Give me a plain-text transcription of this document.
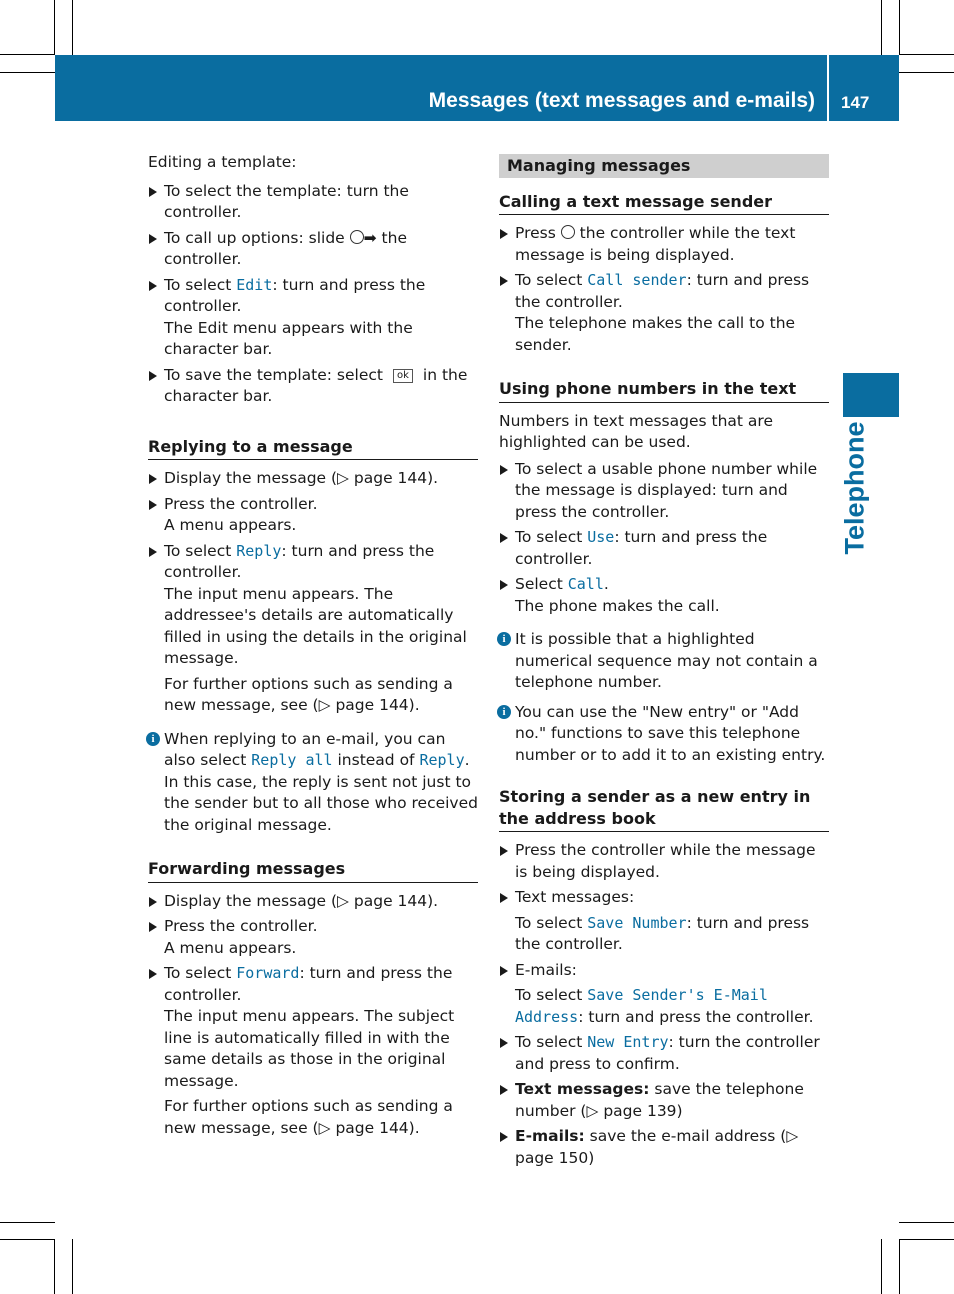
Messages (text messages and e-mails) 147
Telephone

Editing a template:

To select the template: turn the controller.
To call up options: slide ➡ the controller.
To select Edit: turn and press the controller.
The Edit menu appears with the character bar.
To save the template: select ok in the character bar.
Replying to a message
Display the message (▷ page 144).
Press the controller.
A menu appears.
To select Reply: turn and press the controller.
The input menu appears. The addressee's details are automatically filled in using the details in the original message.
For further options such as sending a new message, see (▷ page 144).
i When replying to an e-mail, you can also select Reply all instead of Reply. In this case, the reply is sent not just to the sender but to all those who received the original message.
Forwarding messages
Display the message (▷ page 144).
Press the controller.
A menu appears.
To select Forward: turn and press the controller.
The input menu appears. The subject line is automatically filled in with the same details as those in the original message.
For further options such as sending a new message, see (▷ page 144).
Managing messages
Calling a text message sender
Press  the controller while the text message is being displayed.
To select Call sender: turn and press the controller.
The telephone makes the call to the sender.
Using phone numbers in the text

Numbers in text messages that are highlighted can be used.

To select a usable phone number while the message is displayed: turn and press the controller.
To select Use: turn and press the controller.
Select Call.
The phone makes the call.
i It is possible that a highlighted numerical sequence may not contain a telephone number.
i You can use the "New entry" or "Add no." functions to save this telephone number or to add it to an existing entry.
Storing a sender as a new entry in the address book
Press the controller while the message is being displayed.
Text messages:
To select Save Number: turn and press the controller.
E-mails:
To select Save Sender's E-Mail Address: turn and press the controller.
To select New Entry: turn the controller and press to confirm.
Text messages: save the telephone number (▷ page 139)
E-mails: save the e-mail address (▷ page 150)
